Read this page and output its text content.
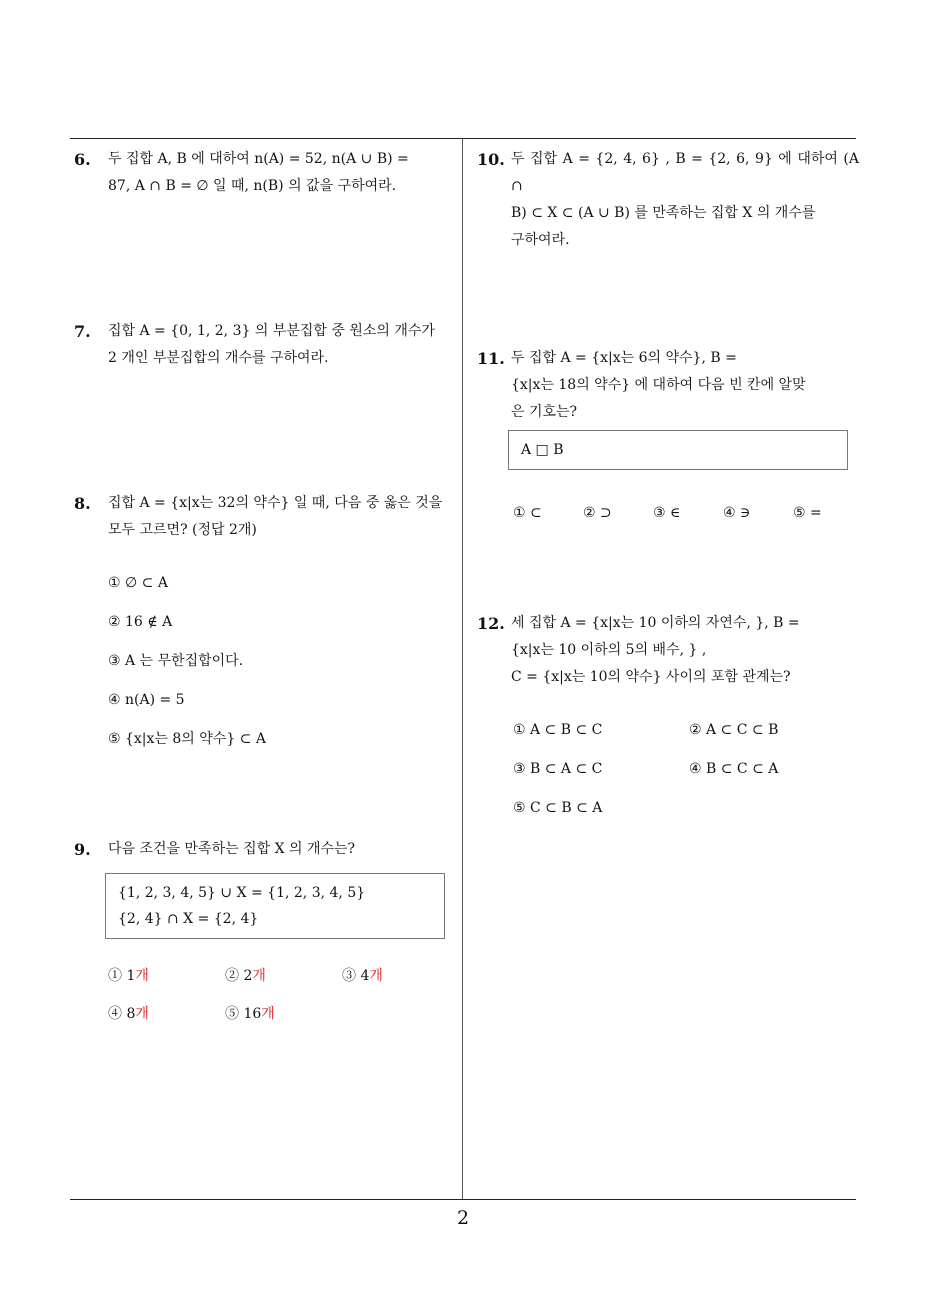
6. 두 집합 A, B 에 대하여 n(A) = 52, n(A ∪ B) =
87, A ∩ B = ∅ 일 때, n(B) 의 값을 구하여라.
7. 집합 A = {0, 1, 2, 3} 의 부분집합 중 원소의 개수가
2 개인 부분집합의 개수를 구하여라.
8. 집합 A = {x|x는 32의 약수} 일 때, 다음 중 옳은 것을
모두 고르면? (정답 2개)
① ∅ ⊂ A
② 16 ∉ A
③ A 는 무한집합이다.
④ n(A) = 5
⑤ {x|x는 8의 약수} ⊂ A
9. 다음 조건을 만족하는 집합 X 의 개수는?
{1, 2, 3, 4, 5} ∪ X = {1, 2, 3, 4, 5}
{2, 4} ∩ X = {2, 4}
① 1개	② 2개	③ 4개
④ 8개	⑤ 16개
10. 두 집합 A = {2, 4, 6} , B = {2, 6, 9} 에 대하여 (A ∩
B) ⊂ X ⊂ (A ∪ B) 를 만족하는 집합 X 의 개수를
구하여라.
11. 두 집합 A = {x|x는 6의 약수}, B =
{x|x는 18의 약수} 에 대하여 다음 빈 칸에 알맞
은 기호는?
A □ B
① ⊂	② ⊃	③ ∈	④ ∋	⑤ =
12. 세 집합 A = {x|x는 10 이하의 자연수, }, B =
{x|x는 10 이하의 5의 배수, } ,
C = {x|x는 10의 약수} 사이의 포함 관계는?
① A ⊂ B ⊂ C	② A ⊂ C ⊂ B
③ B ⊂ A ⊂ C	④ B ⊂ C ⊂ A
⑤ C ⊂ B ⊂ A
2
